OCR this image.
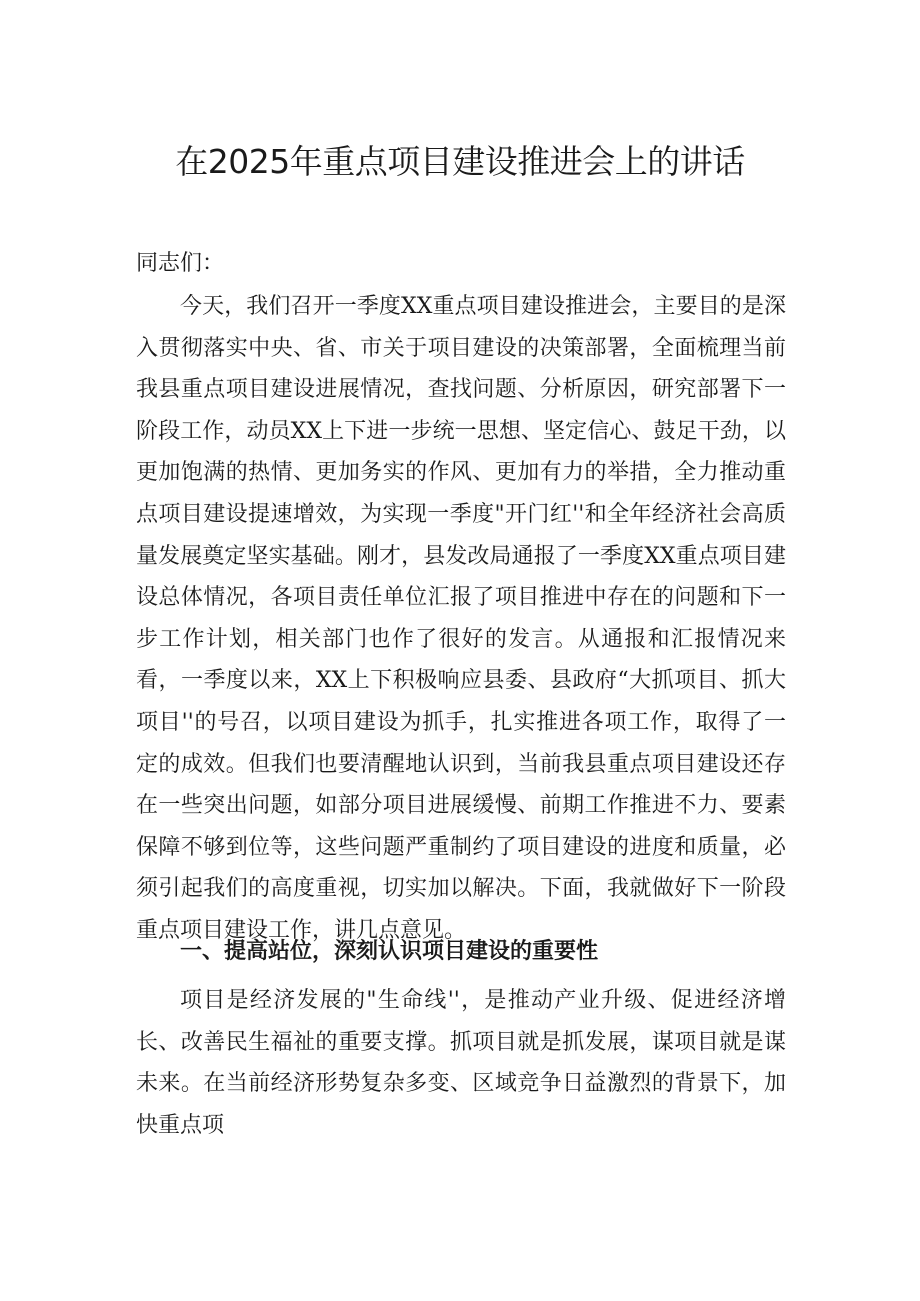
在2025年重点项目建设推进会上的讲话

同志们：

今天，我们召开一季度XX重点项目建设推进会，主要目的是深入贯彻落实中央、省、市关于项目建设的决策部署，全面梳理当前我县重点项目建设进展情况，查找问题、分析原因，研究部署下一阶段工作，动员XX上下进一步统一思想、坚定信心、鼓足干劲，以更加饱满的热情、更加务实的作风、更加有力的举措，全力推动重点项目建设提速增效，为实现一季度"开门红''和全年经济社会高质量发展奠定坚实基础。刚才，县发改局通报了一季度XX重点项目建设总体情况，各项目责任单位汇报了项目推进中存在的问题和下一步工作计划，相关部门也作了很好的发言。从通报和汇报情况来看，一季度以来，XX上下积极响应县委、县政府“大抓项目、抓大项目''的号召，以项目建设为抓手，扎实推进各项工作，取得了一定的成效。但我们也要清醒地认识到，当前我县重点项目建设还存在一些突出问题，如部分项目进展缓慢、前期工作推进不力、要素保障不够到位等，这些问题严重制约了项目建设的进度和质量，必须引起我们的高度重视，切实加以解决。下面，我就做好下一阶段重点项目建设工作，讲几点意见。

一、提高站位，深刻认识项目建设的重要性

项目是经济发展的"生命线''，是推动产业升级、促进经济增长、改善民生福祉的重要支撑。抓项目就是抓发展，谋项目就是谋未来。在当前经济形势复杂多变、区域竞争日益激烈的背景下，加快重点项
